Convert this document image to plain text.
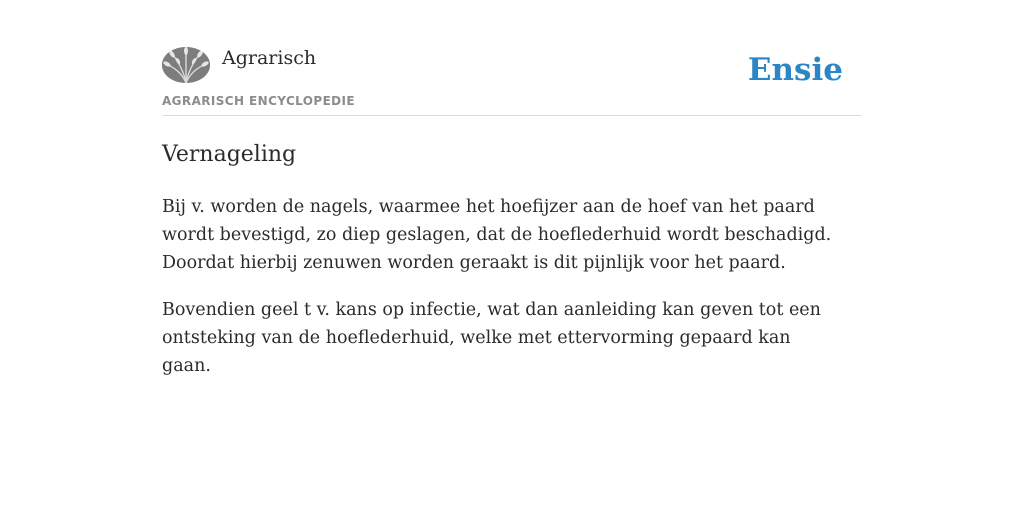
Agrarisch
AGRARISCH ENCYCLOPEDIE
Ensie
Vernageling

Bij v. worden de nagels, waarmee het hoefijzer aan de hoef van het paard wordt bevestigd, zo diep geslagen, dat de hoeflederhuid wordt beschadigd. Doordat hierbij zenuwen worden geraakt is dit pijnlijk voor het paard.

Bovendien geel t v. kans op infectie, wat dan aanleiding kan geven tot een ontsteking van de hoeflederhuid, welke met ettervorming gepaard kan gaan.
